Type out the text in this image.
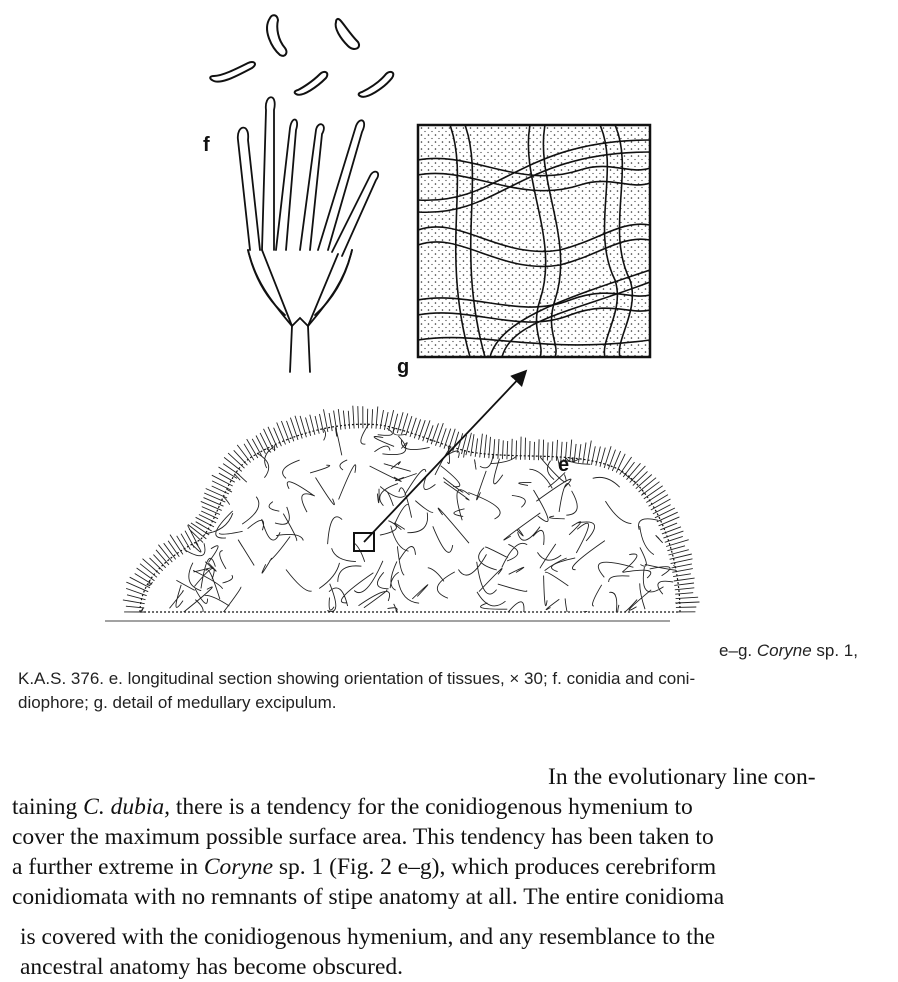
f
g
e

e–g. Coryne sp. 1,

K.A.S. 376. e. longitudinal section showing orientation of tissues, × 30; f. conidia and coni-

diophore; g. detail of medullary excipulum.

In the evolutionary line con-
taining C. dubia, there is a tendency for the conidiogenous hymenium to
cover the maximum possible surface area. This tendency has been taken to
a further extreme in Coryne sp. 1 (Fig. 2 e–g), which produces cerebriform
conidiomata with no remnants of stipe anatomy at all. The entire conidioma
is covered with the conidiogenous hymenium, and any resemblance to the
ancestral anatomy has become obscured.
